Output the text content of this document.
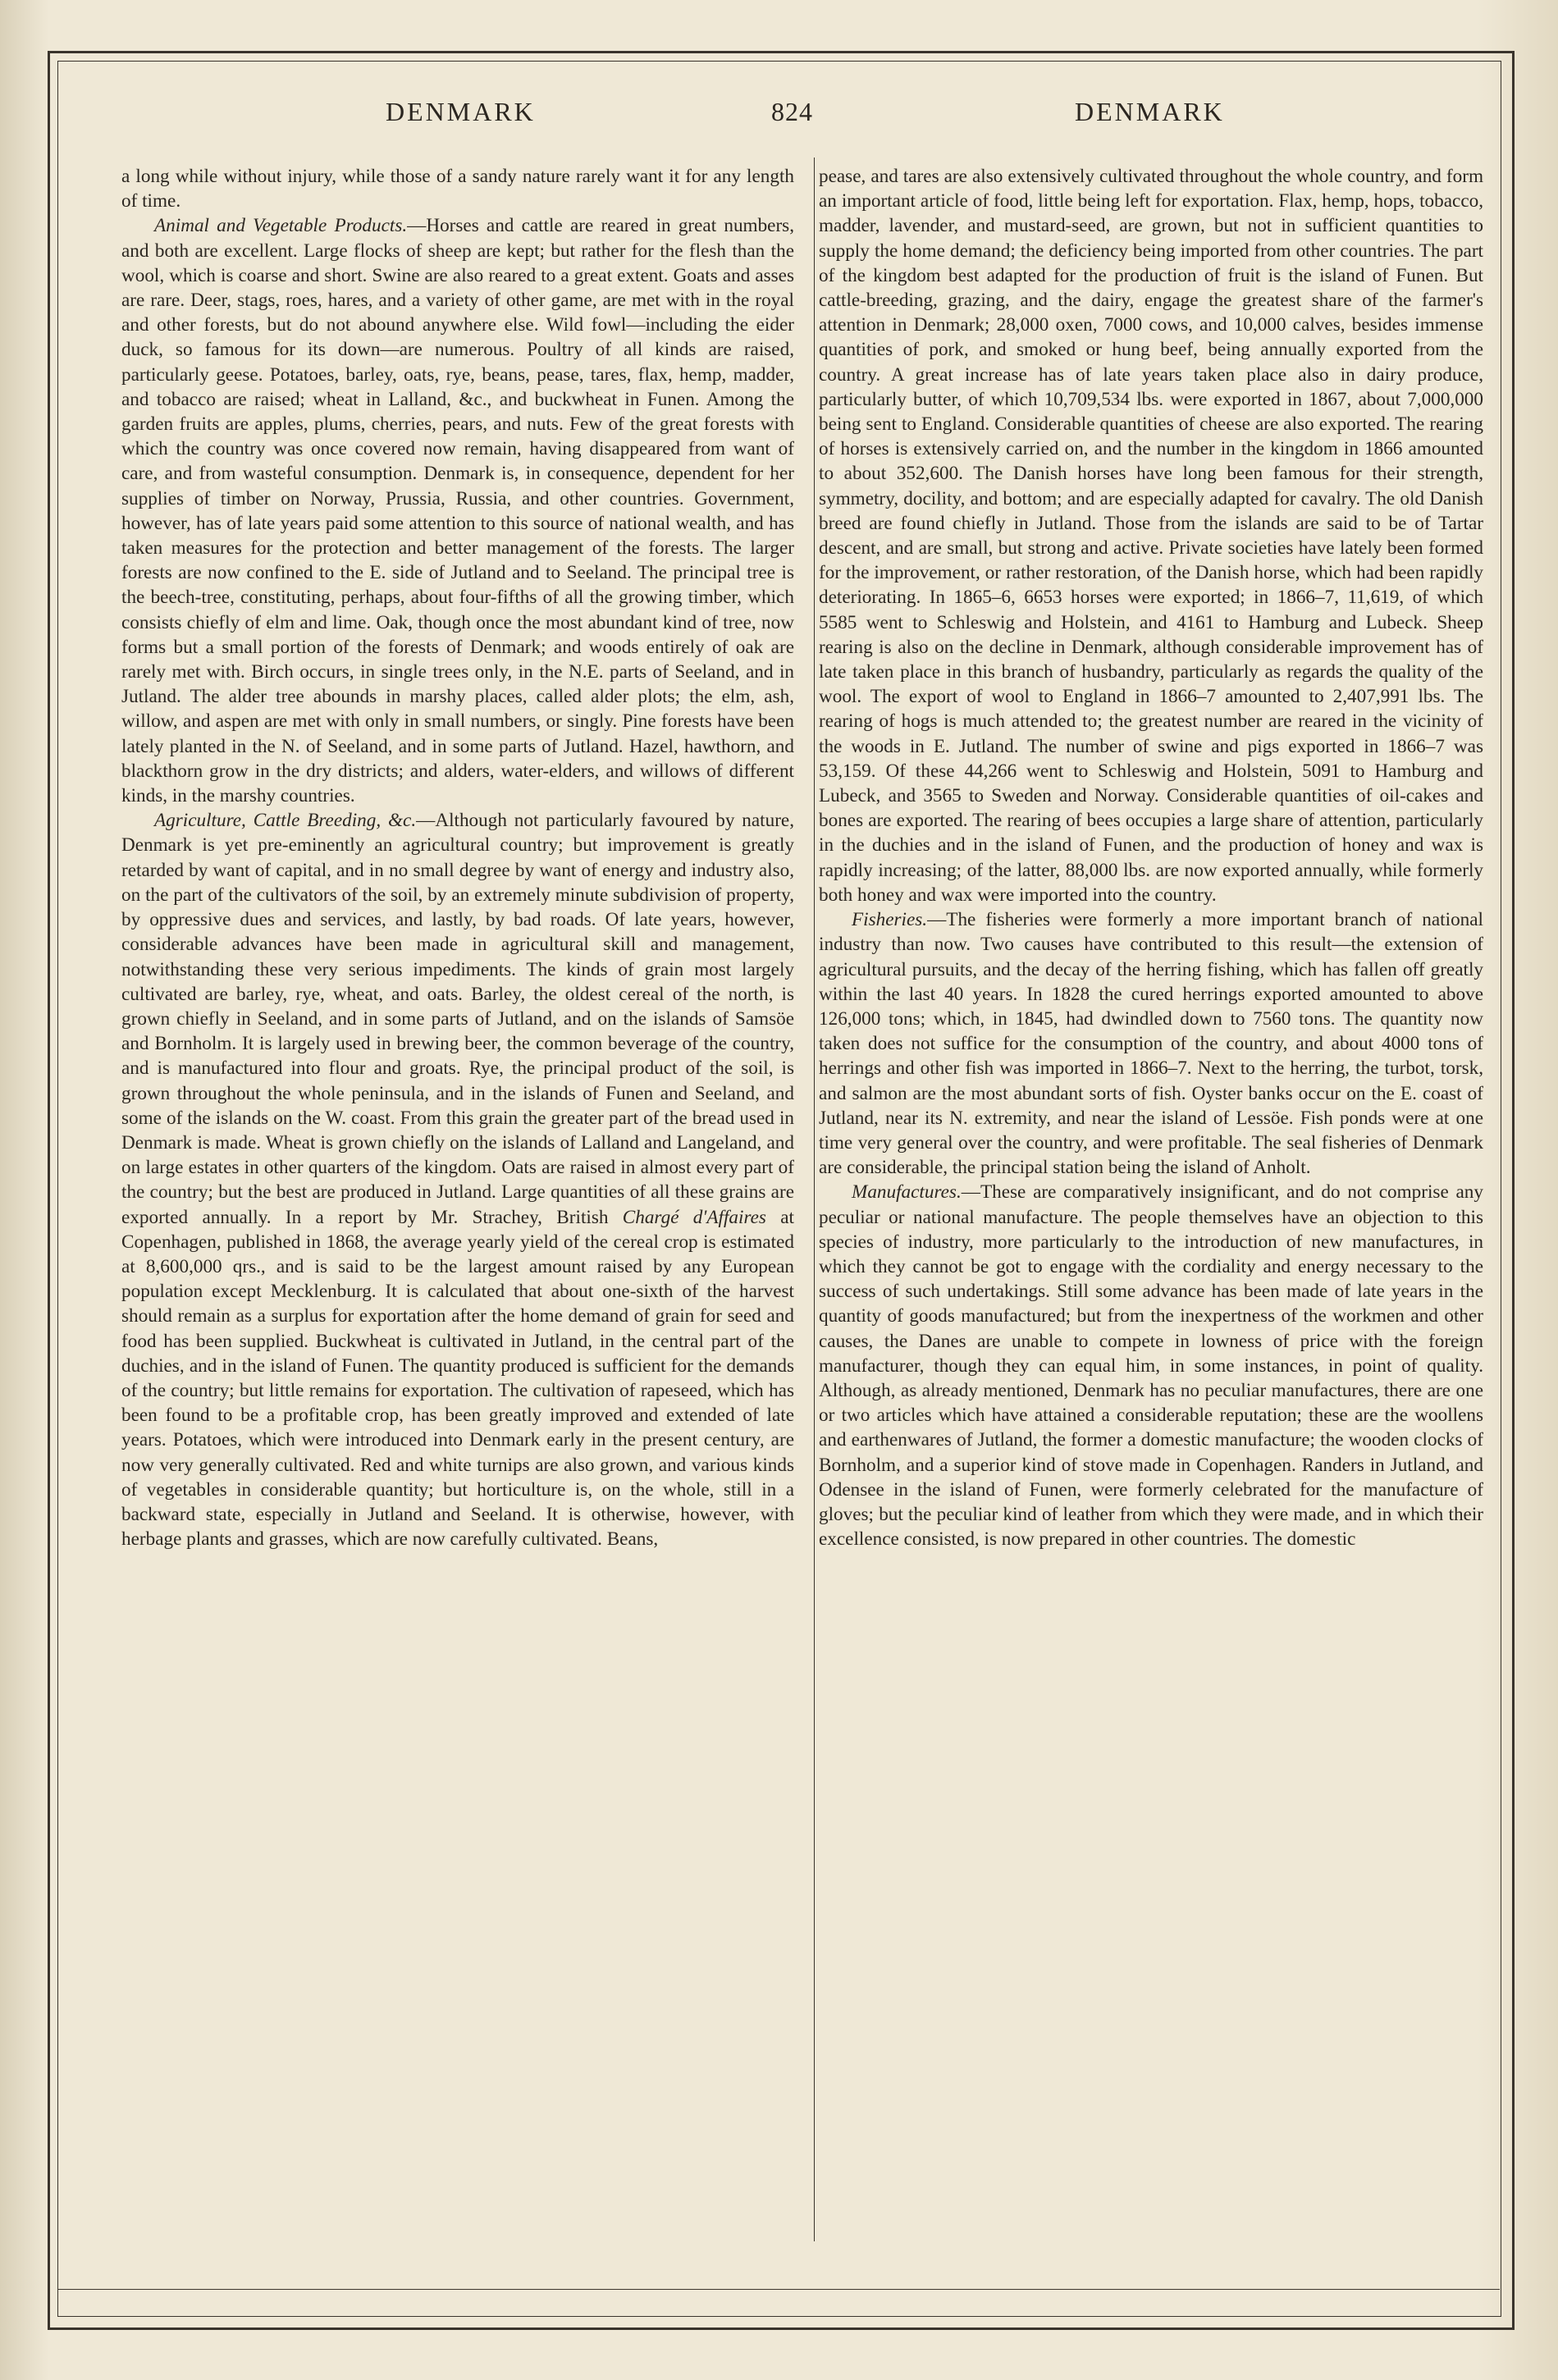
DENMARK	824	DENMARK

a long while without injury, while those of a sandy nature rarely want it for any length of time.

Animal and Vegetable Products.—Horses and cattle are reared in great numbers, and both are excellent. Large flocks of sheep are kept; but rather for the flesh than the wool, which is coarse and short. Swine are also reared to a great extent. Goats and asses are rare. Deer, stags, roes, hares, and a variety of other game, are met with in the royal and other forests, but do not abound anywhere else. Wild fowl—including the eider duck, so famous for its down—are numerous. Poultry of all kinds are raised, particularly geese. Potatoes, barley, oats, rye, beans, pease, tares, flax, hemp, madder, and tobacco are raised; wheat in Lalland, &c., and buckwheat in Funen. Among the garden fruits are apples, plums, cherries, pears, and nuts. Few of the great forests with which the country was once covered now remain, having disappeared from want of care, and from wasteful consumption. Denmark is, in consequence, dependent for her supplies of timber on Norway, Prussia, Russia, and other countries. Government, however, has of late years paid some attention to this source of national wealth, and has taken measures for the protection and better management of the forests. The larger forests are now confined to the E. side of Jutland and to Seeland. The principal tree is the beech-tree, constituting, perhaps, about four-fifths of all the growing timber, which consists chiefly of elm and lime. Oak, though once the most abundant kind of tree, now forms but a small portion of the forests of Denmark; and woods entirely of oak are rarely met with. Birch occurs, in single trees only, in the N.E. parts of Seeland, and in Jutland. The alder tree abounds in marshy places, called alder plots; the elm, ash, willow, and aspen are met with only in small numbers, or singly. Pine forests have been lately planted in the N. of Seeland, and in some parts of Jutland. Hazel, hawthorn, and blackthorn grow in the dry districts; and alders, water-elders, and willows of different kinds, in the marshy countries.

Agriculture, Cattle Breeding, &c.—Although not particularly favoured by nature, Denmark is yet pre-eminently an agricultural country; but improvement is greatly retarded by want of capital, and in no small degree by want of energy and industry also, on the part of the cultivators of the soil, by an extremely minute subdivision of property, by oppressive dues and services, and lastly, by bad roads. Of late years, however, considerable advances have been made in agricultural skill and management, notwithstanding these very serious impediments. The kinds of grain most largely cultivated are barley, rye, wheat, and oats. Barley, the oldest cereal of the north, is grown chiefly in Seeland, and in some parts of Jutland, and on the islands of Samsöe and Bornholm. It is largely used in brewing beer, the common beverage of the country, and is manufactured into flour and groats. Rye, the principal product of the soil, is grown throughout the whole peninsula, and in the islands of Funen and Seeland, and some of the islands on the W. coast. From this grain the greater part of the bread used in Denmark is made. Wheat is grown chiefly on the islands of Lalland and Langeland, and on large estates in other quarters of the kingdom. Oats are raised in almost every part of the country; but the best are produced in Jutland. Large quantities of all these grains are exported annually. In a report by Mr. Strachey, British Chargé d'Affaires at Copenhagen, published in 1868, the average yearly yield of the cereal crop is estimated at 8,600,000 qrs., and is said to be the largest amount raised by any European population except Mecklenburg. It is calculated that about one-sixth of the harvest should remain as a surplus for exportation after the home demand of grain for seed and food has been supplied. Buckwheat is cultivated in Jutland, in the central part of the duchies, and in the island of Funen. The quantity produced is sufficient for the demands of the country; but little remains for exportation. The cultivation of rapeseed, which has been found to be a profitable crop, has been greatly improved and extended of late years. Potatoes, which were introduced into Denmark early in the present century, are now very generally cultivated. Red and white turnips are also grown, and various kinds of vegetables in considerable quantity; but horticulture is, on the whole, still in a backward state, especially in Jutland and Seeland. It is otherwise, however, with herbage plants and grasses, which are now carefully cultivated. Beans,

pease, and tares are also extensively cultivated throughout the whole country, and form an important article of food, little being left for exportation. Flax, hemp, hops, tobacco, madder, lavender, and mustard-seed, are grown, but not in sufficient quantities to supply the home demand; the deficiency being imported from other countries. The part of the kingdom best adapted for the production of fruit is the island of Funen. But cattle-breeding, grazing, and the dairy, engage the greatest share of the farmer's attention in Denmark; 28,000 oxen, 7000 cows, and 10,000 calves, besides immense quantities of pork, and smoked or hung beef, being annually exported from the country. A great increase has of late years taken place also in dairy produce, particularly butter, of which 10,709,534 lbs. were exported in 1867, about 7,000,000 being sent to England. Considerable quantities of cheese are also exported. The rearing of horses is extensively carried on, and the number in the kingdom in 1866 amounted to about 352,600. The Danish horses have long been famous for their strength, symmetry, docility, and bottom; and are especially adapted for cavalry. The old Danish breed are found chiefly in Jutland. Those from the islands are said to be of Tartar descent, and are small, but strong and active. Private societies have lately been formed for the improvement, or rather restoration, of the Danish horse, which had been rapidly deteriorating. In 1865–6, 6653 horses were exported; in 1866–7, 11,619, of which 5585 went to Schleswig and Holstein, and 4161 to Hamburg and Lubeck. Sheep rearing is also on the decline in Denmark, although considerable improvement has of late taken place in this branch of husbandry, particularly as regards the quality of the wool. The export of wool to England in 1866–7 amounted to 2,407,991 lbs. The rearing of hogs is much attended to; the greatest number are reared in the vicinity of the woods in E. Jutland. The number of swine and pigs exported in 1866–7 was 53,159. Of these 44,266 went to Schleswig and Holstein, 5091 to Hamburg and Lubeck, and 3565 to Sweden and Norway. Considerable quantities of oil-cakes and bones are exported. The rearing of bees occupies a large share of attention, particularly in the duchies and in the island of Funen, and the production of honey and wax is rapidly increasing; of the latter, 88,000 lbs. are now exported annually, while formerly both honey and wax were imported into the country.

Fisheries.—The fisheries were formerly a more important branch of national industry than now. Two causes have contributed to this result—the extension of agricultural pursuits, and the decay of the herring fishing, which has fallen off greatly within the last 40 years. In 1828 the cured herrings exported amounted to above 126,000 tons; which, in 1845, had dwindled down to 7560 tons. The quantity now taken does not suffice for the consumption of the country, and about 4000 tons of herrings and other fish was imported in 1866–7. Next to the herring, the turbot, torsk, and salmon are the most abundant sorts of fish. Oyster banks occur on the E. coast of Jutland, near its N. extremity, and near the island of Lessöe. Fish ponds were at one time very general over the country, and were profitable. The seal fisheries of Denmark are considerable, the principal station being the island of Anholt.

Manufactures.—These are comparatively insignificant, and do not comprise any peculiar or national manufacture. The people themselves have an objection to this species of industry, more particularly to the introduction of new manufactures, in which they cannot be got to engage with the cordiality and energy necessary to the success of such undertakings. Still some advance has been made of late years in the quantity of goods manufactured; but from the inexpertness of the workmen and other causes, the Danes are unable to compete in lowness of price with the foreign manufacturer, though they can equal him, in some instances, in point of quality. Although, as already mentioned, Denmark has no peculiar manufactures, there are one or two articles which have attained a considerable reputation; these are the woollens and earthenwares of Jutland, the former a domestic manufacture; the wooden clocks of Bornholm, and a superior kind of stove made in Copenhagen. Randers in Jutland, and Odensee in the island of Funen, were formerly celebrated for the manufacture of gloves; but the peculiar kind of leather from which they were made, and in which their excellence consisted, is now prepared in other countries. The domestic
